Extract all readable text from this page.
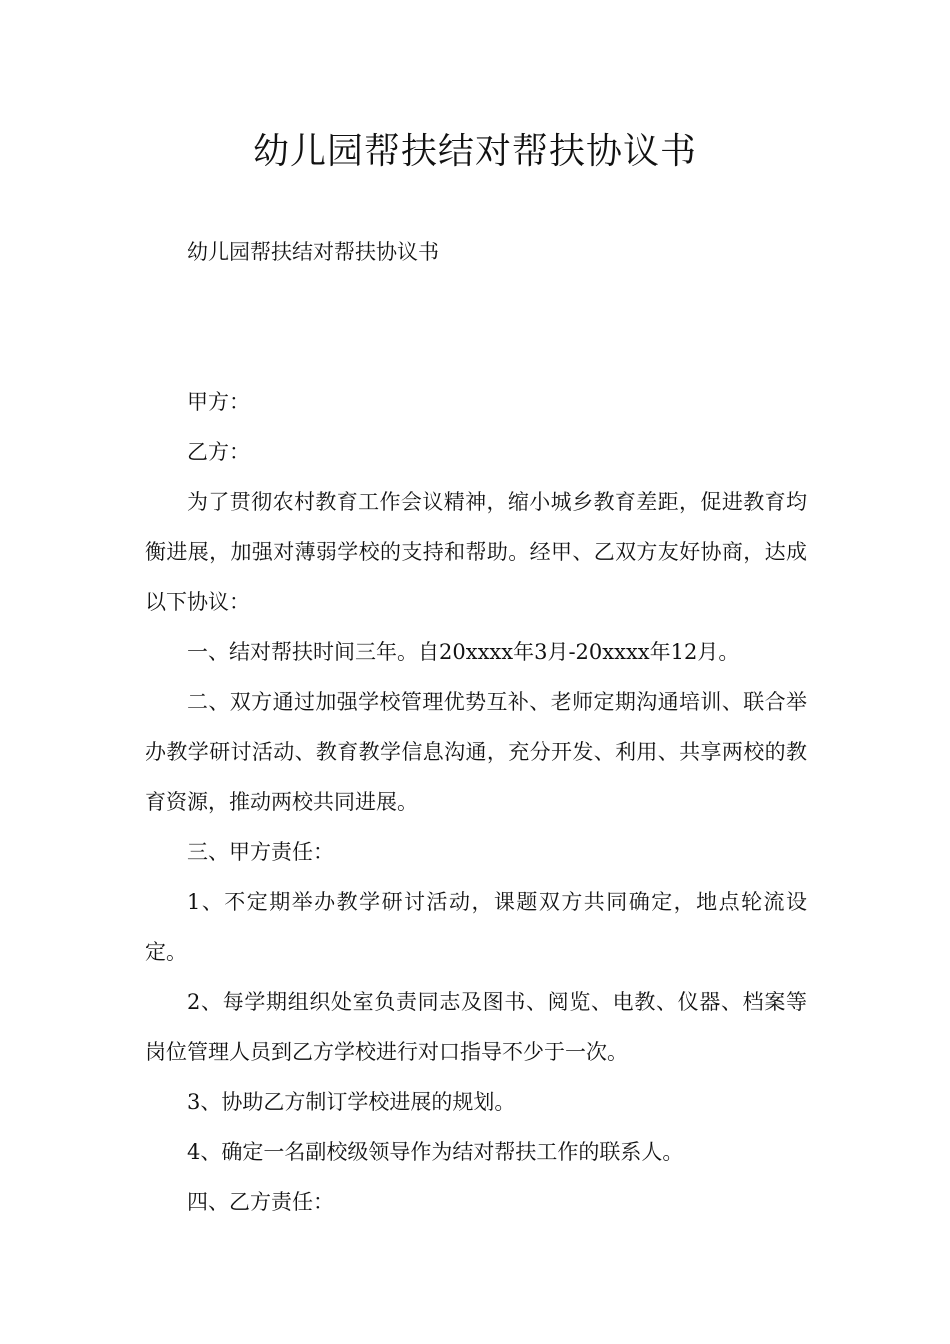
幼儿园帮扶结对帮扶协议书

幼儿园帮扶结对帮扶协议书

甲方：

乙方：

为了贯彻农村教育工作会议精神，缩小城乡教育差距，促进教育均衡进展，加强对薄弱学校的支持和帮助。经甲、乙双方友好协商，达成以下协议：

一、结对帮扶时间三年。自20xxxx年3月-20xxxx年12月。

二、双方通过加强学校管理优势互补、老师定期沟通培训、联合举办教学研讨活动、教育教学信息沟通，充分开发、利用、共享两校的教育资源，推动两校共同进展。

三、甲方责任：

1、不定期举办教学研讨活动，课题双方共同确定，地点轮流设定。

2、每学期组织处室负责同志及图书、阅览、电教、仪器、档案等岗位管理人员到乙方学校进行对口指导不少于一次。

3、协助乙方制订学校进展的规划。

4、确定一名副校级领导作为结对帮扶工作的联系人。

四、乙方责任：
